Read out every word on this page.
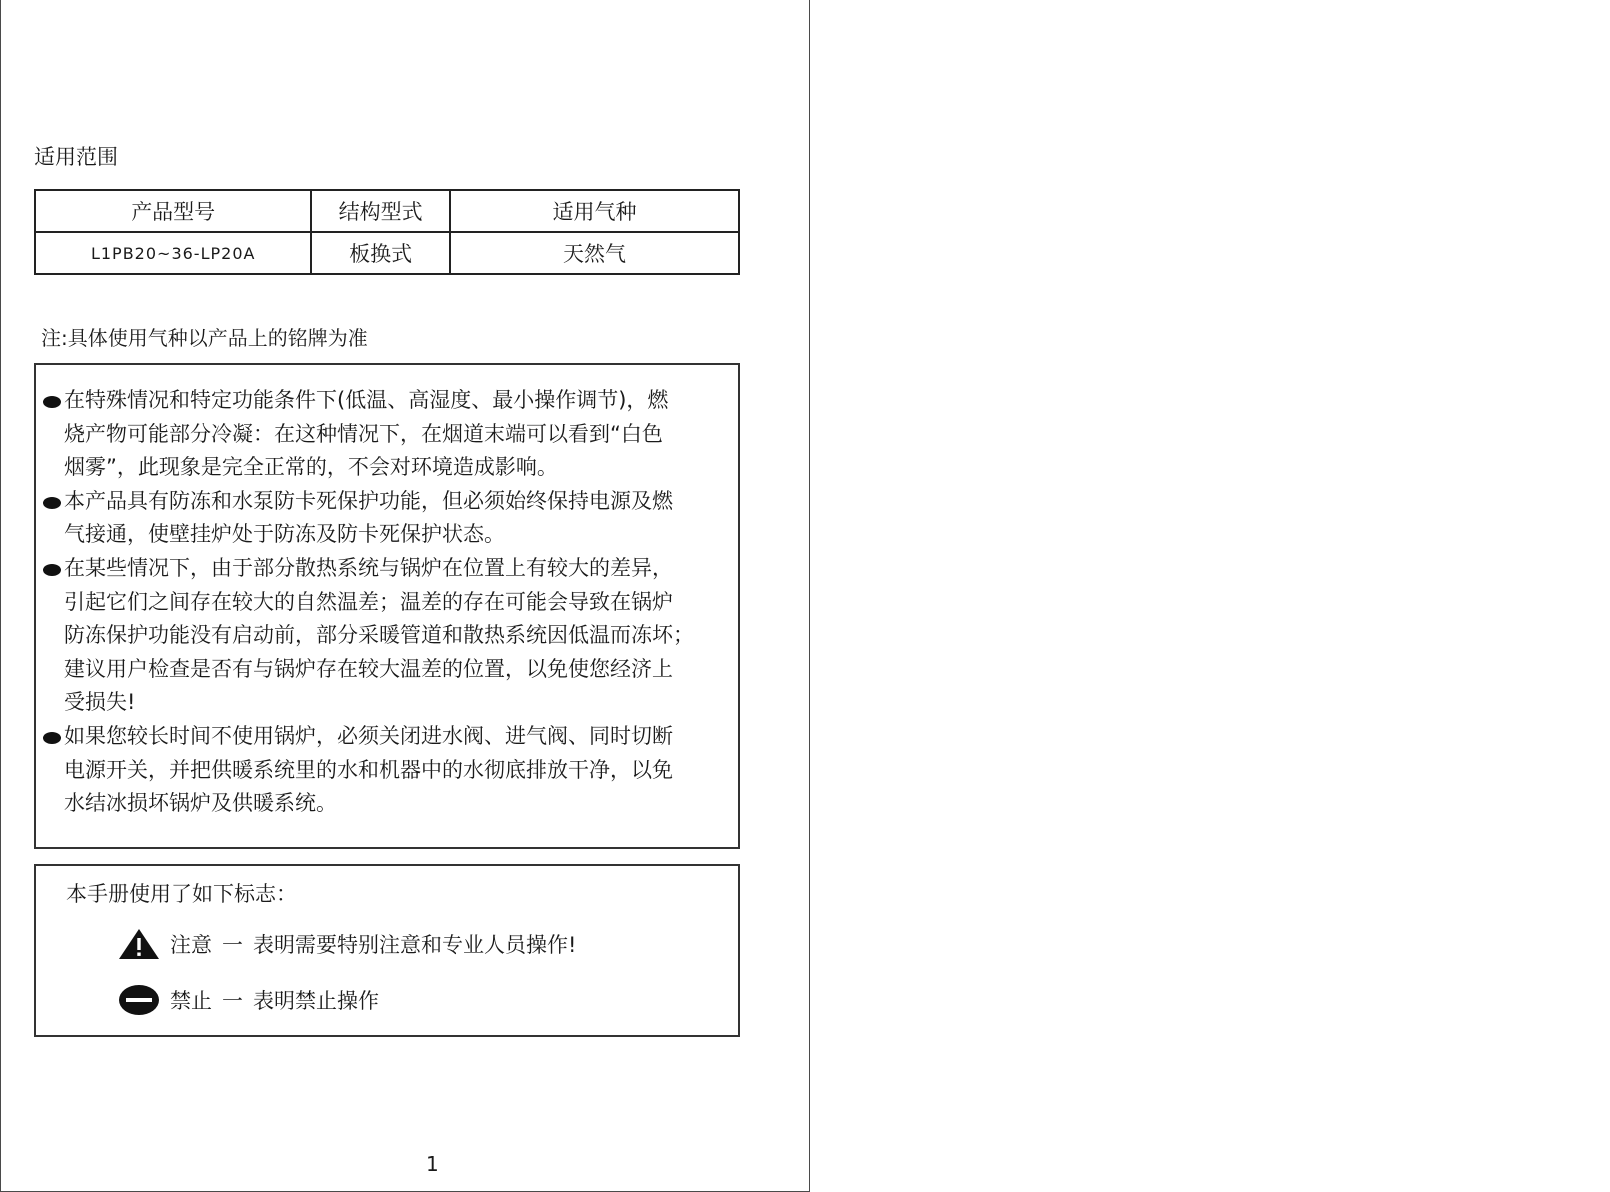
适用范围
产品型号	结构型式	适用气种
L1PB20~36-LP20A	板换式	天然气
注:具体使用气种以产品上的铭牌为准
在特殊情况和特定功能条件下(低温、高湿度、最小操作调节)，燃
烧产物可能部分冷凝：在这种情况下，在烟道末端可以看到“白色
烟雾”，此现象是完全正常的，不会对环境造成影响。
本产品具有防冻和水泵防卡死保护功能，但必须始终保持电源及燃
气接通，使壁挂炉处于防冻及防卡死保护状态。
在某些情况下，由于部分散热系统与锅炉在位置上有较大的差异，
引起它们之间存在较大的自然温差；温差的存在可能会导致在锅炉
防冻保护功能没有启动前，部分采暖管道和散热系统因低温而冻坏；
建议用户检查是否有与锅炉存在较大温差的位置，以免使您经济上
受损失!
如果您较长时间不使用锅炉，必须关闭进水阀、进气阀、同时切断
电源开关，并把供暖系统里的水和机器中的水彻底排放干净，以免
水结冰损坏锅炉及供暖系统。
本手册使用了如下标志：
注意 一 表明需要特别注意和专业人员操作!
禁止 一 表明禁止操作
1
